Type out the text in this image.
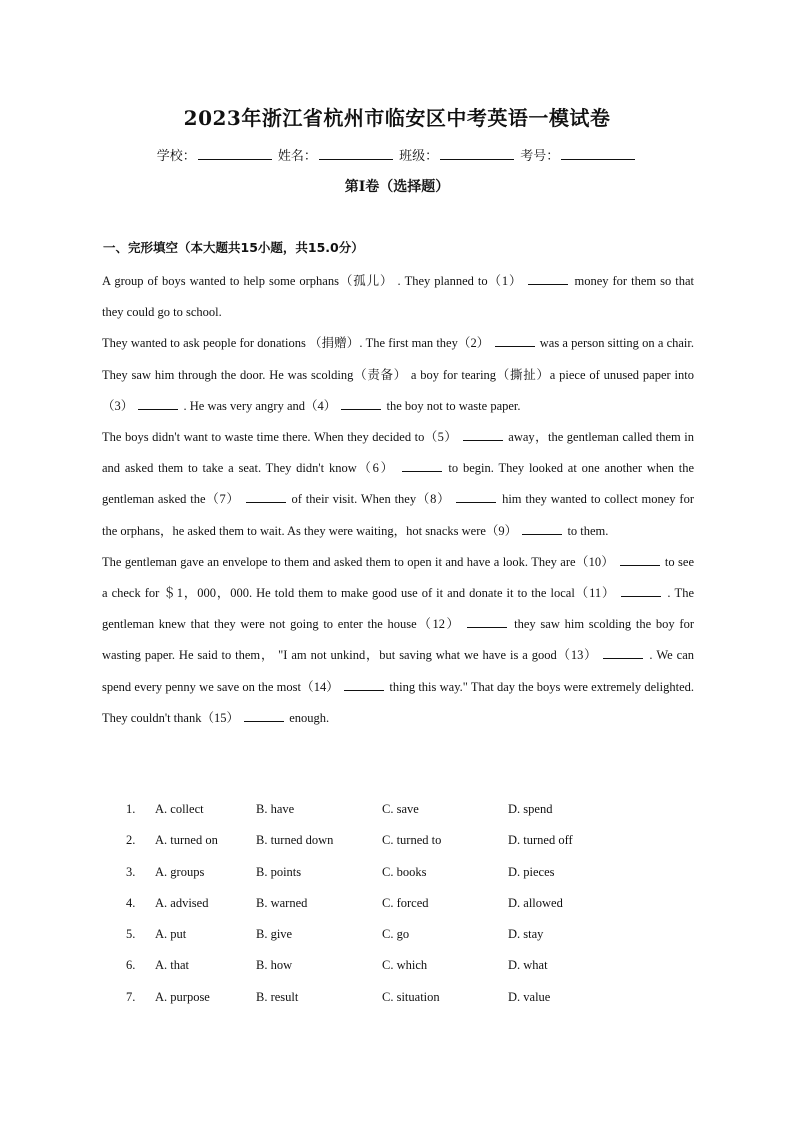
2023年浙江省杭州市临安区中考英语一模试卷
学校：	姓名：	班级：	考号：
第I卷（选择题）
一、完形填空（本大题共15小题，共15.0分）

A group of boys wanted to help some orphans（孤儿） . They planned to（1）	money for them so that they could go to school.

They wanted to ask people for donations （捐赠）. The first man they（2）	was a person sitting on a chair. They saw him through the door. He was scolding（责备） a boy for tearing（撕扯）a piece of unused paper into（3）	. He was very angry and（4）	the boy not to waste paper.

The boys didn't want to waste time there. When they decided to（5）	away，the gentleman called them in and asked them to take a seat. They didn't know（6）	to begin. They looked at one another when the gentleman asked the（7）	of their visit. When they（8）	him they wanted to collect money for the orphans，he asked them to wait. As they were waiting，hot snacks were（9）	to them.

The gentleman gave an envelope to them and asked them to open it and have a look. They are（10）	to see a check for ＄1，000，000. He told them to make good use of it and donate it to the local（11）	. The gentleman knew that they were not going to enter the house（12）	they saw him scolding the boy for wasting paper. He said to them， "I am not unkind，but saving what we have is a good（13）	. We can spend every penny we save on the most（14）	thing this way." That day the boys were extremely delighted. They couldn't thank（15）	enough.

1. A. collect	B. have	C. save	D. spend
2. A. turned on	B. turned down	C. turned to	D. turned off
3. A. groups	B. points	C. books	D. pieces
4. A. advised	B. warned	C. forced	D. allowed
5. A. put	B. give	C. go	D. stay
6. A. that	B. how	C. which	D. what
7. A. purpose	B. result	C. situation	D. value
